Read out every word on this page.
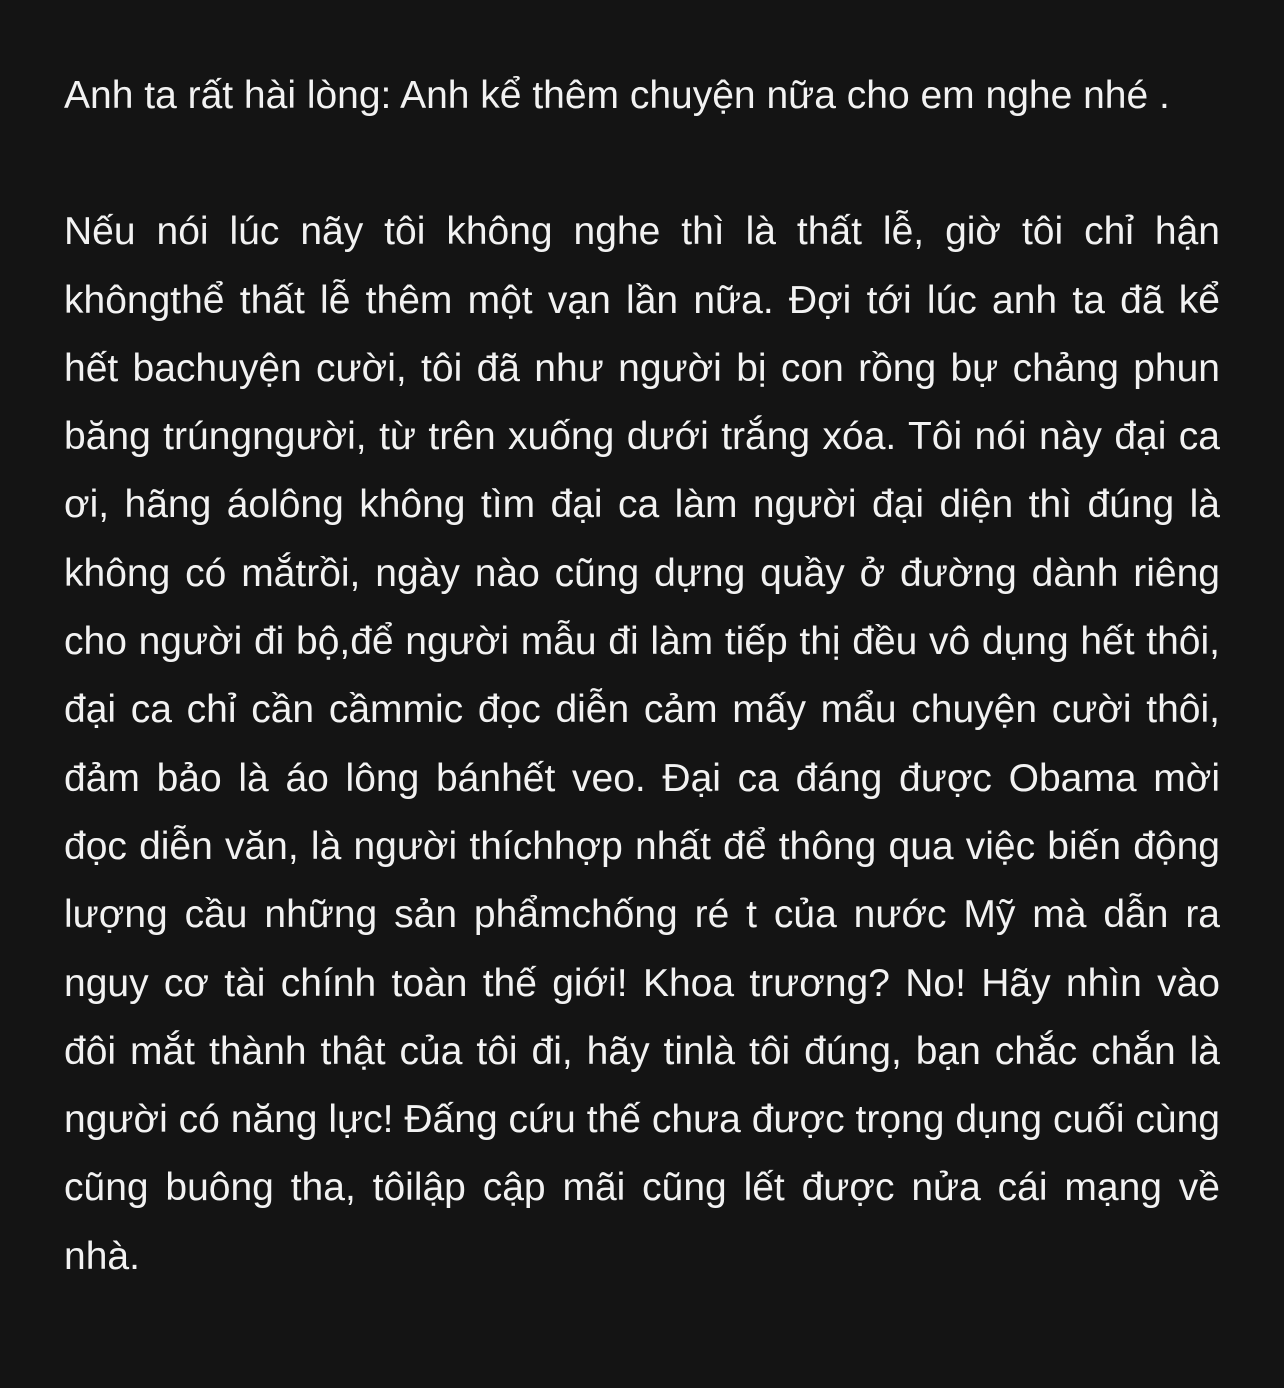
Anh ta rất hài lòng: Anh kể thêm chuyện nữa cho em nghe nhé .

Nếu nói lúc nãy tôi không nghe thì là thất lễ, giờ tôi chỉ hận khôngthể thất lễ thêm một vạn lần nữa. Đợi tới lúc anh ta đã kể hết bachuyện cười, tôi đã như người bị con rồng bự chảng phun băng trúngngười, từ trên xuống dưới trắng xóa. Tôi nói này đại ca ơi, hãng áolông không tìm đại ca làm người đại diện thì đúng là không có mắtrồi, ngày nào cũng dựng quầy ở đường dành riêng cho người đi bộ,để người mẫu đi làm tiếp thị đều vô dụng hết thôi, đại ca chỉ cần cầmmic đọc diễn cảm mấy mẩu chuyện cười thôi, đảm bảo là áo lông bánhết veo. Đại ca đáng được Obama mời đọc diễn văn, là người thíchhợp nhất để thông qua việc biến động lượng cầu những sản phẩmchống ré t của nước Mỹ mà dẫn ra nguy cơ tài chính toàn thế giới! Khoa trương? No! Hãy nhìn vào đôi mắt thành thật của tôi đi, hãy tinlà tôi đúng, bạn chắc chắn là người có năng lực! Đấng cứu thế chưa được trọng dụng cuối cùng cũng buông tha, tôilập cập mãi cũng lết được nửa cái mạng về nhà.
